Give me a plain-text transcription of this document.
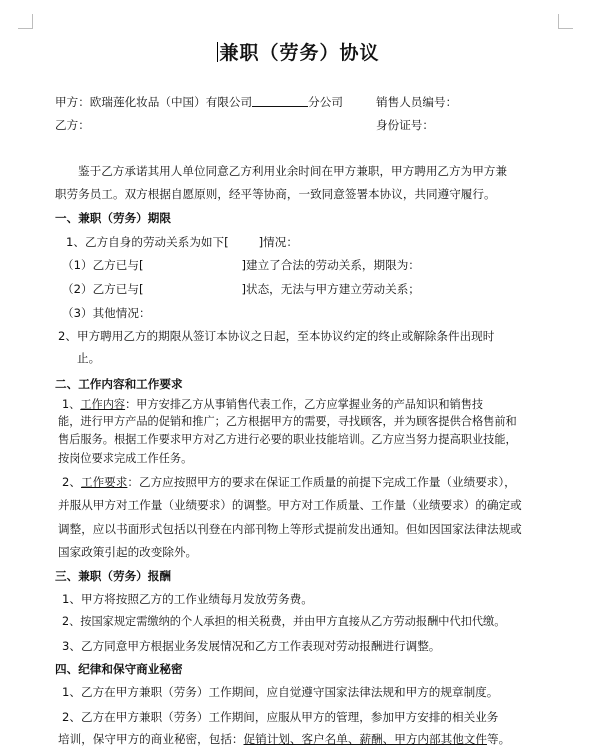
兼职（劳务）协议
甲方：欧瑞莲化妆品（中国）有限公司	分公司	销售人员编号：
乙方：	身份证号：
鉴于乙方承诺其用人单位同意乙方利用业余时间在甲方兼职，甲方聘用乙方为甲方兼
职劳务员工。双方根据自愿原则，经平等协商，一致同意签署本协议，共同遵守履行。
一、兼职（劳务）期限
1、乙方自身的劳动关系为如下[	]情况：
（1）乙方已与[	]建立了合法的劳动关系，期限为：
（2）乙方已与[	]状态，无法与甲方建立劳动关系；
（3）其他情况：
2、甲方聘用乙方的期限从签订本协议之日起，至本协议约定的终止或解除条件出现时
止。
二、工作内容和工作要求
1、工作内容：甲方安排乙方从事销售代表工作，乙方应掌握业务的产品知识和销售技
能，进行甲方产品的促销和推广；乙方根据甲方的需要，寻找顾客，并为顾客提供合格售前和
售后服务。根据工作要求甲方对乙方进行必要的职业技能培训。乙方应当努力提高职业技能，
按岗位要求完成工作任务。
2、工作要求：乙方应按照甲方的要求在保证工作质量的前提下完成工作量（业绩要求），
并服从甲方对工作量（业绩要求）的调整。甲方对工作质量、工作量（业绩要求）的确定或
调整，应以书面形式包括以刊登在内部刊物上等形式提前发出通知。但如因国家法律法规或
国家政策引起的改变除外。
三、兼职（劳务）报酬
1、甲方将按照乙方的工作业绩每月发放劳务费。
2、按国家规定需缴纳的个人承担的相关税费，并由甲方直接从乙方劳动报酬中代扣代缴。
3、乙方同意甲方根据业务发展情况和乙方工作表现对劳动报酬进行调整。
四、纪律和保守商业秘密
1、乙方在甲方兼职（劳务）工作期间，应自觉遵守国家法律法规和甲方的规章制度。
2、乙方在甲方兼职（劳务）工作期间，应服从甲方的管理，参加甲方安排的相关业务
培训，保守甲方的商业秘密，包括：促销计划、客户名单、薪酬、甲方内部其他文件等。
